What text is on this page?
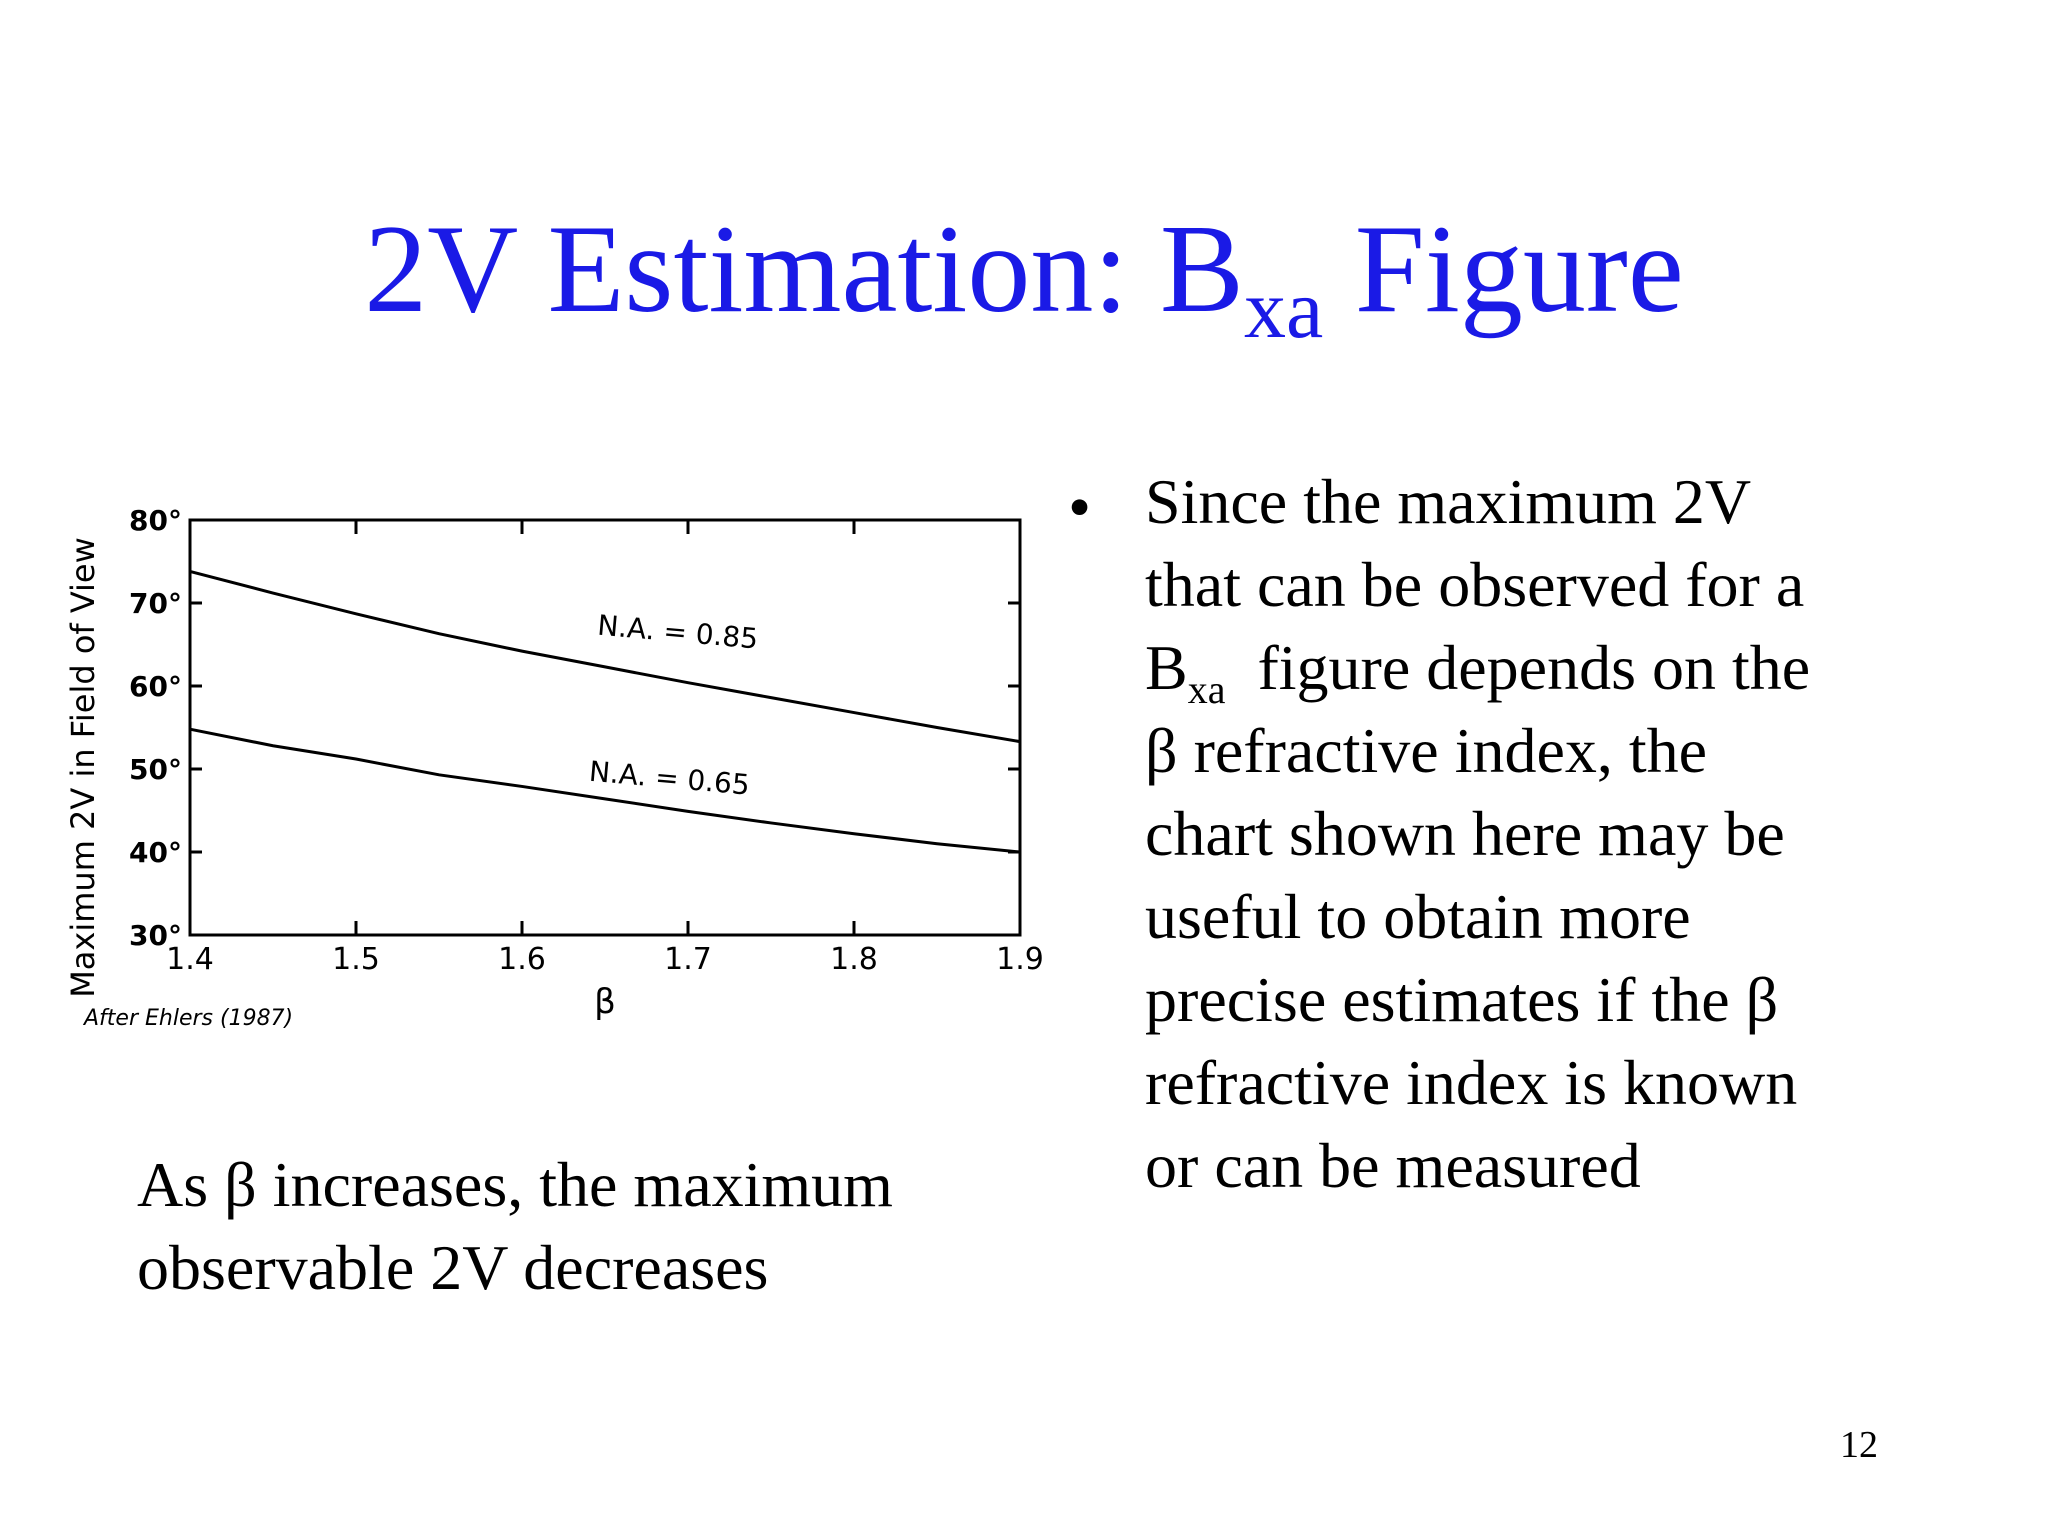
2V Estimation: $B_{xa}$ Figure
1.4	1.5	1.6	1.7	1.8	1.9
30°
40°
50°
60°
70°
80°
Maximum 2V in Field of View
β
After Ehlers (1987)
N.A. = 0.85
N.A. = 0.65
• Since the maximum 2V
that can be observed for a
$B_{xa}$  figure depends on the
β refractive index, the
chart shown here may be
useful to obtain more
precise estimates if the β
refractive index is known
or can be measured
As β increases, the maximum
observable 2V decreases
12
